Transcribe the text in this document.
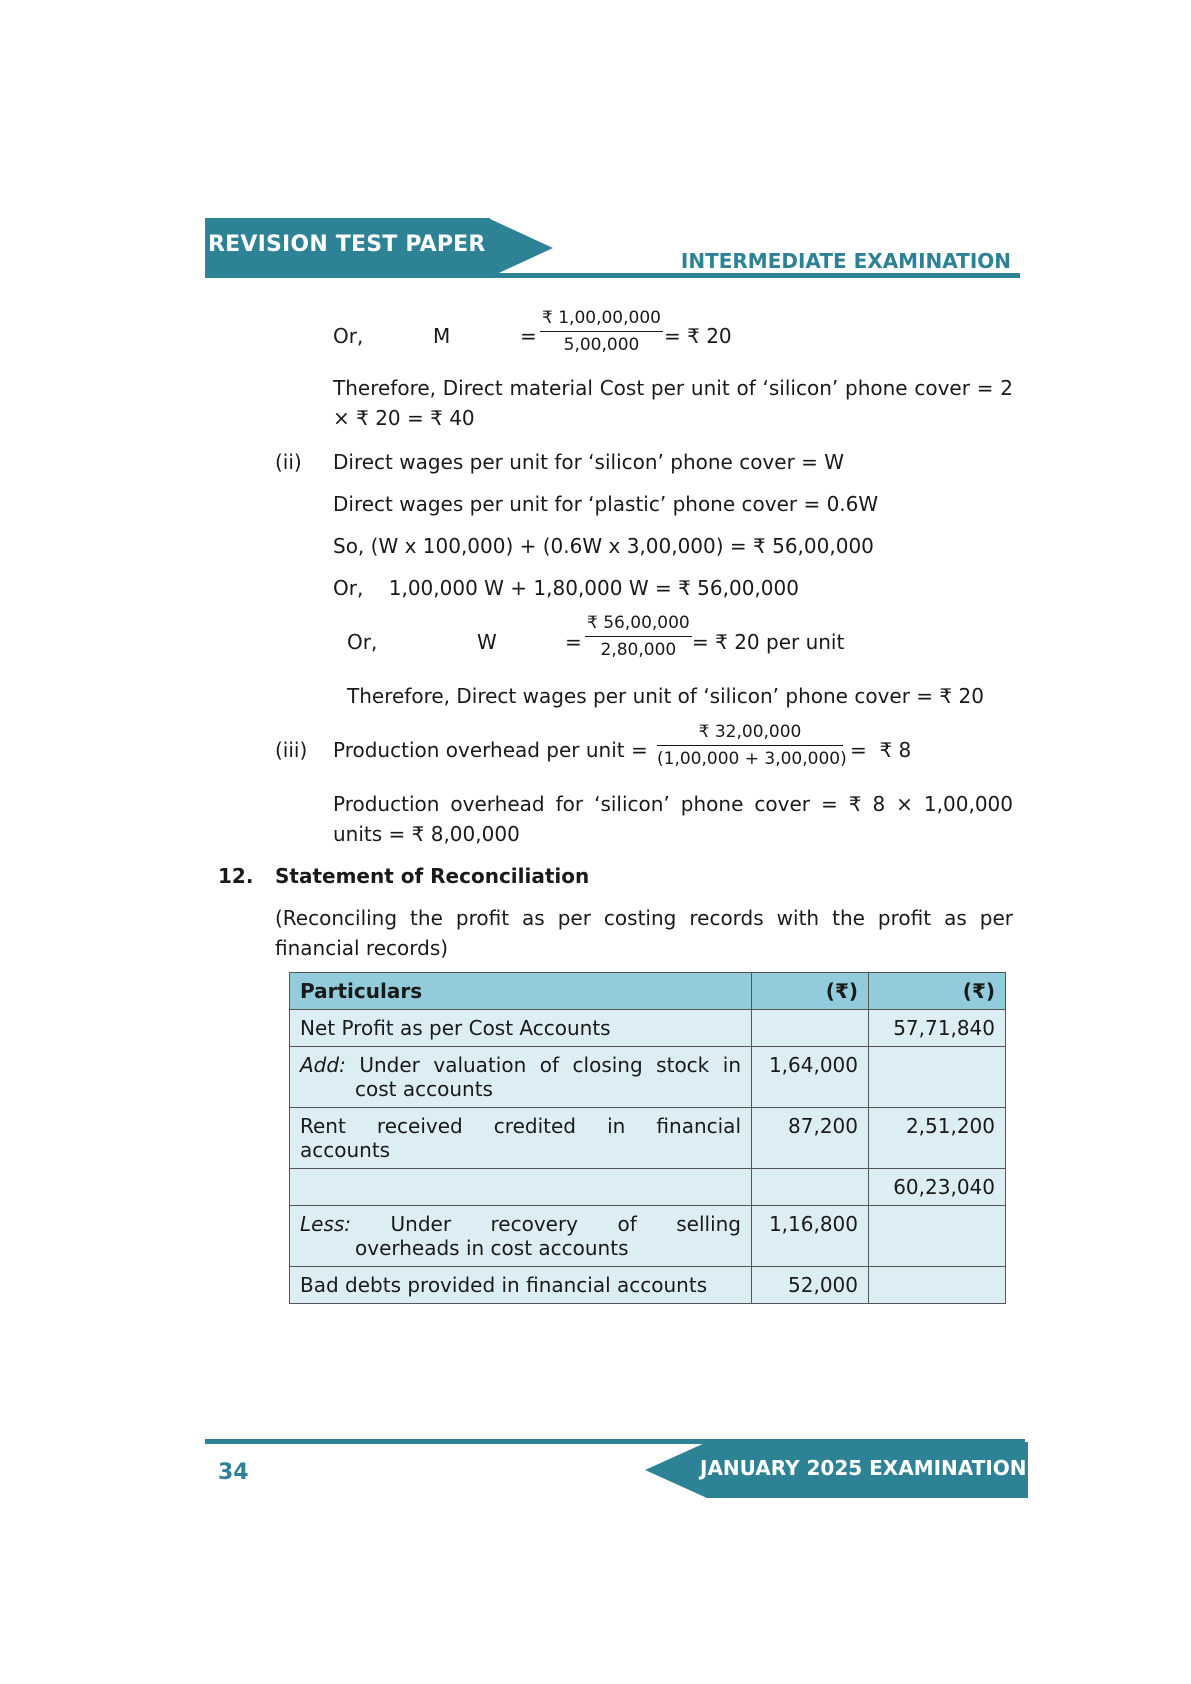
REVISION TEST PAPER
INTERMEDIATE EXAMINATION
Or,	M	= $\frac{₹ 1,00,00,000}{5,00,000}$ = ₹ 20
Therefore, Direct material Cost per unit of ‘silicon’ phone cover = 2
× ₹ 20 = ₹ 40
(ii) Direct wages per unit for ‘silicon’ phone cover = W
Direct wages per unit for ‘plastic’ phone cover = 0.6W
So, (W x 100,000) + (0.6W x 3,00,000) = ₹ 56,00,000
Or,    1,00,000 W + 1,80,000 W = ₹ 56,00,000
Or,	W	= $\frac{₹ 56,00,000}{2,80,000}$ = ₹ 20 per unit
Therefore, Direct wages per unit of ‘silicon’ phone cover = ₹ 20
(iii) Production overhead per unit = $\frac{₹ 32,00,000}{(1,00,000 + 3,00,000)}$ =  ₹ 8
Production overhead for ‘silicon’ phone cover = ₹ 8 × 1,00,000
units = ₹ 8,00,000
12. Statement of Reconciliation
(Reconciling the profit as per costing records with the profit as per
financial records)
Particulars	(₹)	(₹)
Net Profit as per Cost Accounts		57,71,840

Add: Under valuation of closing stock in
cost accounts	1,64,000	

Rent received credited in financial
accounts	87,200	2,51,200
		60,23,040

Less: Under recovery of selling
overheads in cost accounts	1,16,800	
Bad debts provided in financial accounts	52,000	
JANUARY 2025 EXAMINATION
34
